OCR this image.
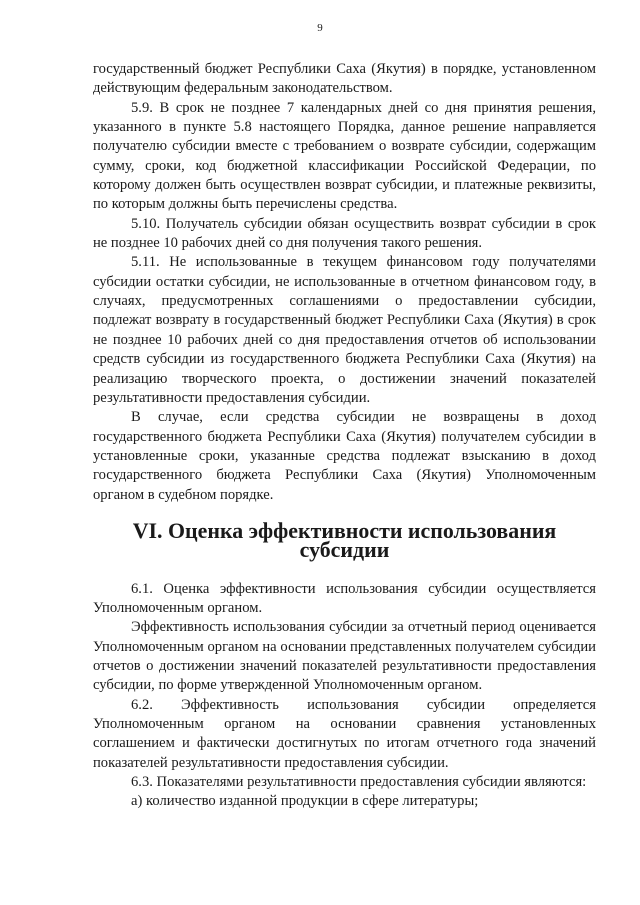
9

государственный бюджет Республики Саха (Якутия) в порядке, установленном действующим федеральным законодательством.

5.9. В срок не позднее 7 календарных дней со дня принятия решения, указанного в пункте 5.8 настоящего Порядка, данное решение направляется получателю субсидии вместе с требованием о возврате субсидии, содержащим сумму, сроки, код бюджетной классификации Российской Федерации, по которому должен быть осуществлен возврат субсидии, и платежные реквизиты, по которым должны быть перечислены средства.

5.10. Получатель субсидии обязан осуществить возврат субсидии в срок не позднее 10 рабочих дней со дня получения такого решения.

5.11. Не использованные в текущем финансовом году получателями субсидии остатки субсидии, не использованные в отчетном финансовом году, в случаях, предусмотренных соглашениями о предоставлении субсидии, подлежат возврату в государственный бюджет Республики Саха (Якутия) в срок не позднее 10 рабочих дней со дня предоставления отчетов об использовании средств субсидии из государственного бюджета Республики Саха (Якутия) на реализацию творческого проекта, о достижении значений показателей результативности предоставления субсидии.

В случае, если средства субсидии не возвращены в доход государственного бюджета Республики Саха (Якутия) получателем субсидии в установленные сроки, указанные средства подлежат взысканию в доход государственного бюджета Республики Саха (Якутия) Уполномоченным органом в судебном порядке.

VI. Оценка эффективности использования субсидии

6.1. Оценка эффективности использования субсидии осуществляется Уполномоченным органом.

Эффективность использования субсидии за отчетный период оценивается Уполномоченным органом на основании представленных получателем субсидии отчетов о достижении значений показателей результативности предоставления субсидии, по форме утвержденной Уполномоченным органом.

6.2. Эффективность использования субсидии определяется Уполномоченным органом на основании сравнения установленных соглашением и фактически достигнутых по итогам отчетного года значений показателей результативности предоставления субсидии.

6.3. Показателями результативности предоставления субсидии являются:

а) количество изданной продукции в сфере литературы;
